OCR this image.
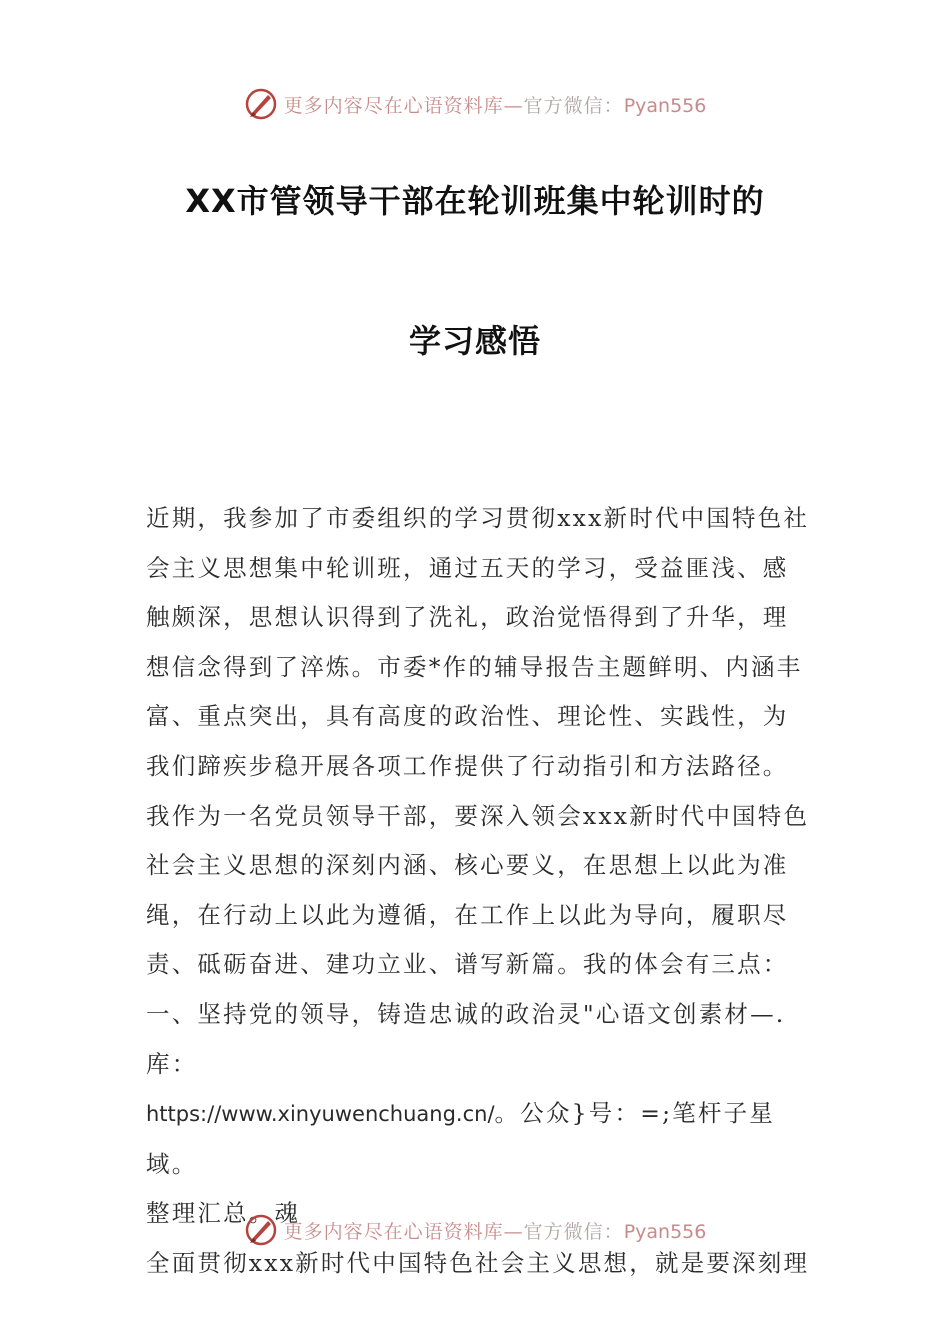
更多内容尽在心语资料库—官方微信：Pyan556
XX市管领导干部在轮训班集中轮训时的
学习感悟

近期，我参加了市委组织的学习贯彻xxx新时代中国特色社会主义思想集中轮训班，通过五天的学习，受益匪浅、感触颇深，思想认识得到了洗礼，政治觉悟得到了升华，理想信念得到了淬炼。市委*作的辅导报告主题鲜明、内涵丰富、重点突出，具有高度的政治性、理论性、实践性，为我们蹄疾步稳开展各项工作提供了行动指引和方法路径。我作为一名党员领导干部，要深入领会xxx新时代中国特色社会主义思想的深刻内涵、核心要义，在思想上以此为准绳，在行动上以此为遵循，在工作上以此为导向，履职尽责、砥砺奋进、建功立业、谱写新篇。我的体会有三点：

一、坚持党的领导，铸造忠诚的政治灵"心语文创素材—.库：

https://www.xinyuwenchuang.cn/。公众}号：=;笔杆子星域。

整理汇总。魂

全面贯彻xxx新时代中国特色社会主义思想，就是要深刻理

更多内容尽在心语资料库—官方微信：Pyan556
